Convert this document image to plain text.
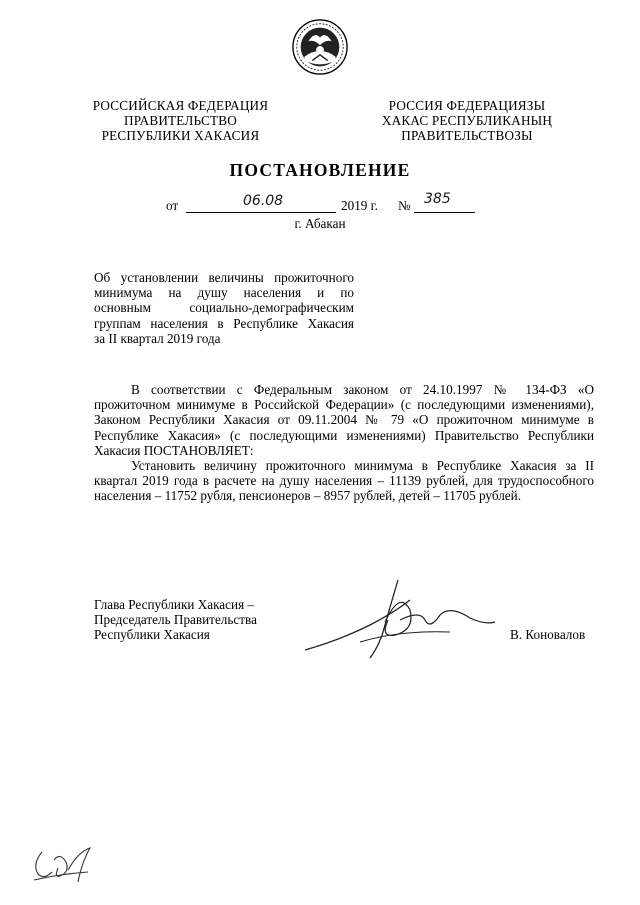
РОССИЙСКАЯ ФЕДЕРАЦИЯ
ПРАВИТЕЛЬСТВО
РЕСПУБЛИКИ ХАКАСИЯ
РОССИЯ ФЕДЕРАЦИЯЗЫ
ХАКАС РЕСПУБЛИКАНЫҢ
ПРАВИТЕЛЬСТВОЗЫ
ПОСТАНОВЛЕНИЕ
от	06.08	2019 г. № 385
г. Абакан
Об установлении величины прожиточного
минимума на душу населения и по
основным социально-демографическим
группам населения в Республике Хакасия
за II квартал 2019 года

В соответствии с Федеральным законом от 24.10.1997 № 134-ФЗ «О прожиточном минимуме в Российской Федерации» (с последующими изменениями), Законом Республики Хакасия от 09.11.2004 № 79 «О прожиточном минимуме в Республике Хакасия» (с последующими изменениями) Правительство Республики Хакасия ПОСТАНОВЛЯЕТ:

Установить величину прожиточного минимума в Республике Хакасия за II квартал 2019 года в расчете на душу населения – 11139 рублей, для трудоспособного населения – 11752 рубля, пенсионеров – 8957 рублей, детей – 11705 рублей.

Глава Республики Хакасия –
Председатель Правительства
Республики Хакасия	В. Коновалов
